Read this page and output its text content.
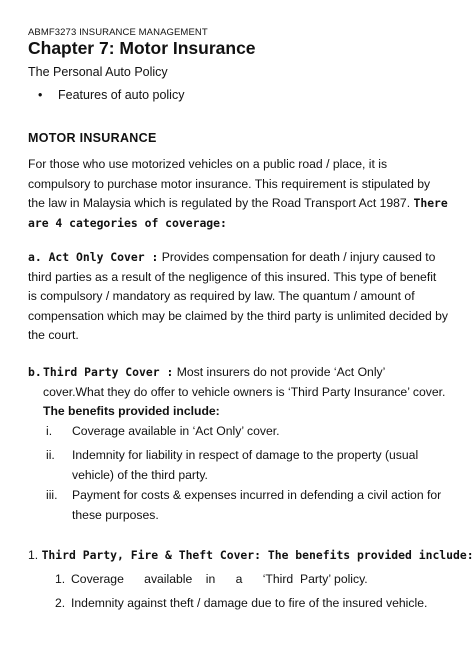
ABMF3273 INSURANCE MANAGEMENT
Chapter 7: Motor Insurance
The Personal Auto Policy
• Features of auto policy
MOTOR INSURANCE

For those who use motorized vehicles on a public road / place, it is compulsory to purchase motor insurance. This requirement is stipulated by the law in Malaysia which is regulated by the Road Transport Act 1987. There are 4 categories of coverage:

a. Act Only Cover : Provides compensation for death / injury caused to third parties as a result of the negligence of this insured. This type of benefit is compulsory / mandatory as required by law. The quantum / amount of compensation which may be claimed by the third party is unlimited decided by the court.

b. Third Party Cover : Most insurers do not provide ‘Act Only’ cover.What they do offer to vehicle owners is ‘Third Party Insurance’ cover. The benefits provided include:
i.	Coverage available in ‘Act Only’ cover.
ii.	Indemnity for liability in respect of damage to the property (usual vehicle) of the third party.
iii.	Payment for costs & expenses incurred in defending a civil action for these purposes.
1. Third Party, Fire & Theft Cover: The benefits provided include:
1. Coverage      available    in      a      ‘Third  Party’ policy.
2. Indemnity against theft / damage due to fire of the insured vehicle.
